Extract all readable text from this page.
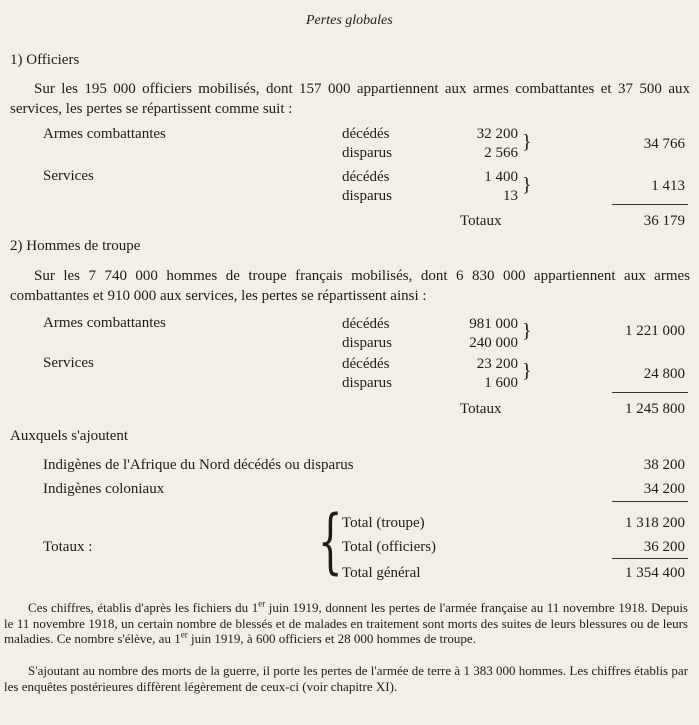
Pertes globales
1) Officiers
Sur les 195 000 officiers mobilisés, dont 157 000 appartiennent aux armes combattantes et 37 500 aux services, les pertes se répartissent comme suit :
Armes combattantes	décédés	32 200
disparus	2 566 }	34 766
Services	décédés	1 400
disparus	13 }	1 413
Totaux	36 179
2) Hommes de troupe
Sur les 7 740 000 hommes de troupe français mobilisés, dont 6 830 000 appartiennent aux armes combattantes et 910 000 aux services, les pertes se répartissent ainsi :
Armes combattantes	décédés	981 000
disparus	240 000
}	1 221 000
Services	décédés	23 200
disparus	1 600
}	24 800
Totaux	1 245 800
Auxquels s'ajoutent
Indigènes de l'Afrique du Nord décédés ou disparus	38 200
Indigènes coloniaux	34 200
Totaux :	{ Total (troupe)	1 318 200
Total (officiers)	36 200
Total général	1 354 400
Ces chiffres, établis d'après les fichiers du 1er juin 1919, donnent les pertes de l'armée française au 11 novembre 1918. Depuis le 11 novembre 1918, un certain nombre de blessés et de malades en traitement sont morts des suites de leurs blessures ou de leurs maladies. Ce nombre s'élève, au 1er juin 1919, à 600 officiers et 28 000 hommes de troupe.
S'ajoutant au nombre des morts de la guerre, il porte les pertes de l'armée de terre à 1 383 000 hommes. Les chiffres établis par les enquêtes postérieures diffèrent légèrement de ceux-ci (voir chapitre XI).
